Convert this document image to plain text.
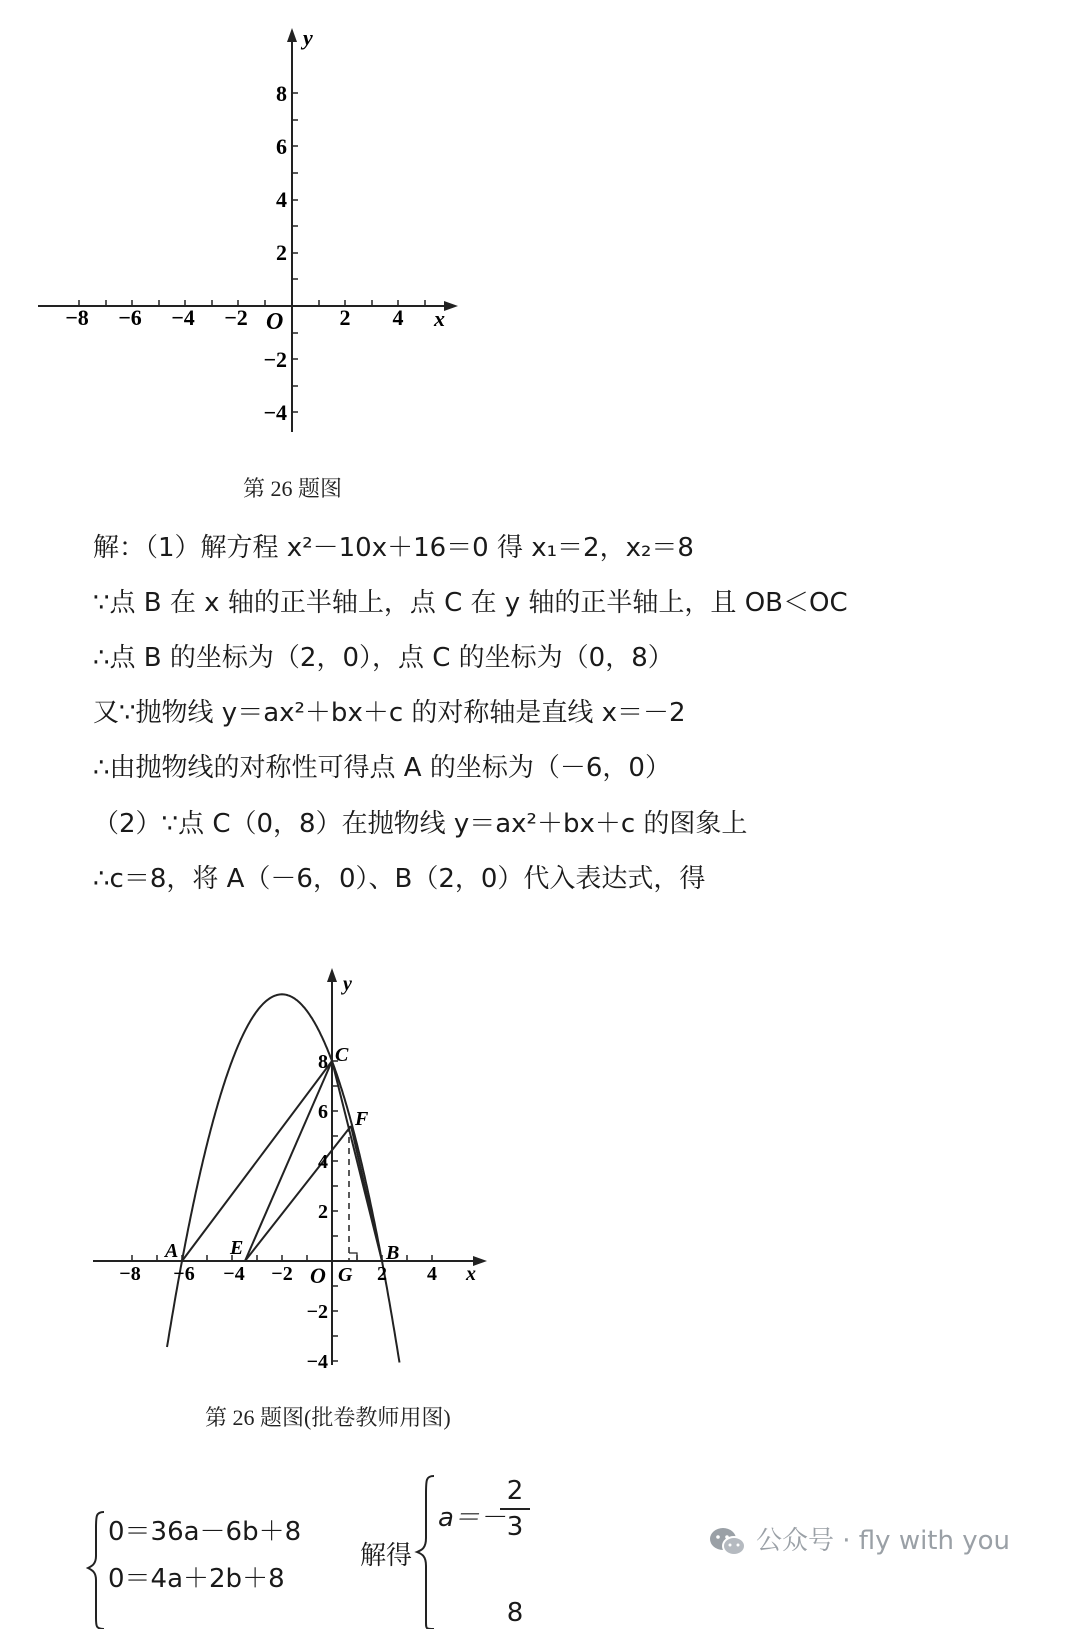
y
x
O
−8 −6 −4 −2	2 4
8
6
4
2
−2
−4
第 26 题图
解：（1）解方程 x²－10x＋16＝0 得 x₁＝2，x₂＝8
∵点 B 在 x 轴的正半轴上，点 C 在 y 轴的正半轴上，且 OB＜OC
∴点 B 的坐标为（2，0），点 C 的坐标为（0，8）
又∵抛物线 y＝ax²＋bx＋c 的对称轴是直线 x＝－2
∴由抛物线的对称性可得点 A 的坐标为（－6，0）
（2）∵点 C（0，8）在抛物线 y＝ax²＋bx＋c 的图象上
∴c＝8，将 A（－6，0）、B（2，0）代入表达式，得
y
x
O
−8 −6 −4 −2	2 4
8
6
4
2
−2
−4
A	B
C
E
F
G
第 26 题图(批卷教师用图)
0＝36a－6b＋8
0＝4a＋2b＋8
解得
a＝－
2
3
8
公众号 · fly with you
